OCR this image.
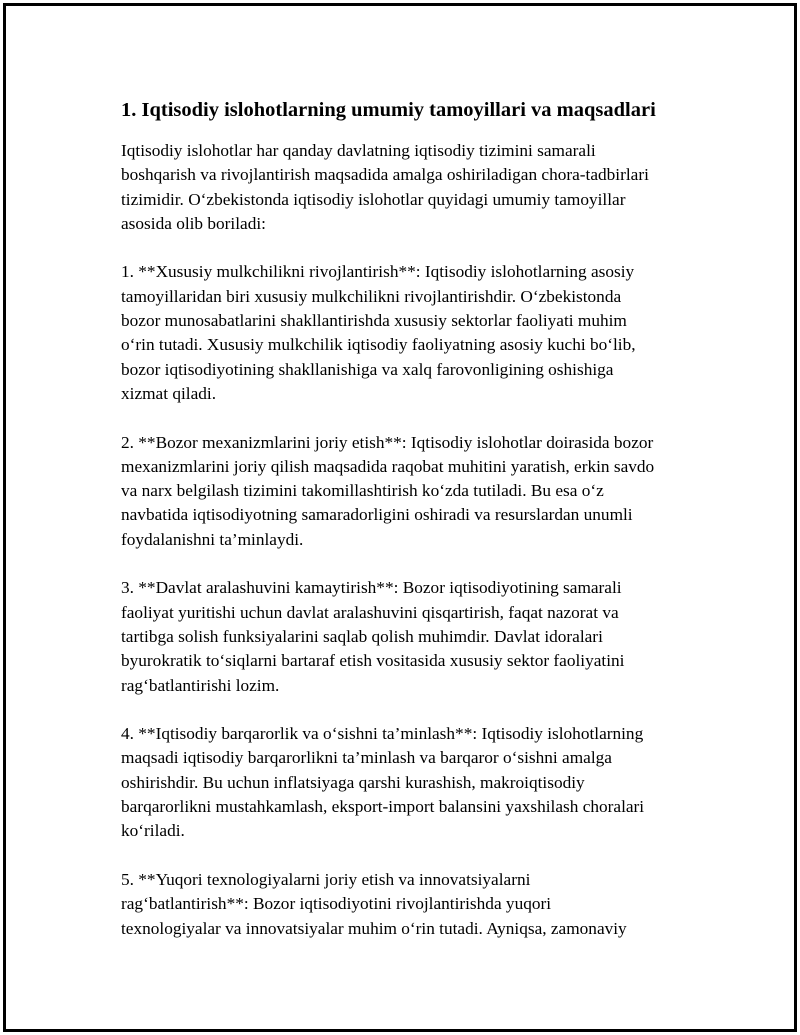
1. Iqtisodiy islohotlarning umumiy tamoyillari va maqsadlari

Iqtisodiy islohotlar har qanday davlatning iqtisodiy tizimini samarali
boshqarish va rivojlantirish maqsadida amalga oshiriladigan chora-tadbirlari
tizimidir. O‘zbekistonda iqtisodiy islohotlar quyidagi umumiy tamoyillar
asosida olib boriladi:

1. **Xususiy mulkchilikni rivojlantirish**: Iqtisodiy islohotlarning asosiy
tamoyillaridan biri xususiy mulkchilikni rivojlantirishdir. O‘zbekistonda
bozor munosabatlarini shakllantirishda xususiy sektorlar faoliyati muhim
o‘rin tutadi. Xususiy mulkchilik iqtisodiy faoliyatning asosiy kuchi bo‘lib,
bozor iqtisodiyotining shakllanishiga va xalq farovonligining oshishiga
xizmat qiladi.

2. **Bozor mexanizmlarini joriy etish**: Iqtisodiy islohotlar doirasida bozor
mexanizmlarini joriy qilish maqsadida raqobat muhitini yaratish, erkin savdo
va narx belgilash tizimini takomillashtirish ko‘zda tutiladi. Bu esa o‘z
navbatida iqtisodiyotning samaradorligini oshiradi va resurslardan unumli
foydalanishni ta’minlaydi.

3. **Davlat aralashuvini kamaytirish**: Bozor iqtisodiyotining samarali
faoliyat yuritishi uchun davlat aralashuvini qisqartirish, faqat nazorat va
tartibga solish funksiyalarini saqlab qolish muhimdir. Davlat idoralari
byurokratik to‘siqlarni bartaraf etish vositasida xususiy sektor faoliyatini
rag‘batlantirishi lozim.

4. **Iqtisodiy barqarorlik va o‘sishni ta’minlash**: Iqtisodiy islohotlarning
maqsadi iqtisodiy barqarorlikni ta’minlash va barqaror o‘sishni amalga
oshirishdir. Bu uchun inflatsiyaga qarshi kurashish, makroiqtisodiy
barqarorlikni mustahkamlash, eksport-import balansini yaxshilash choralari
ko‘riladi.

5. **Yuqori texnologiyalarni joriy etish va innovatsiyalarni
rag‘batlantirish**: Bozor iqtisodiyotini rivojlantirishda yuqori
texnologiyalar va innovatsiyalar muhim o‘rin tutadi. Ayniqsa, zamonaviy
